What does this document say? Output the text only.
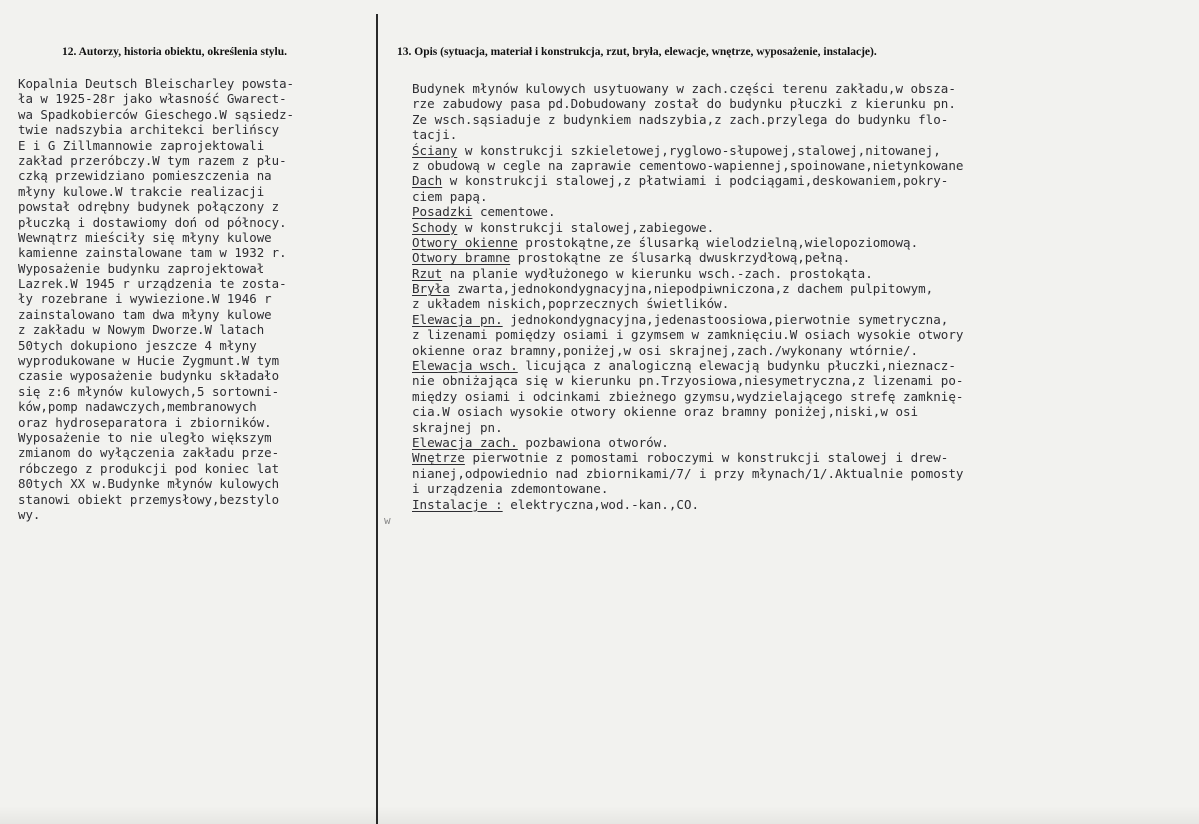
12. Autorzy, historia obiektu, określenia stylu.	13. Opis (sytuacja, materiał i konstrukcja, rzut, bryła, elewacje, wnętrze, wyposażenie, instalacje).
Kopalnia Deutsch Bleischarley powsta-
ła w 1925-28r jako własność Gwarect-
wa Spadkobierców Gieschego.W sąsiedz-
twie nadszybia architekci berlińscy
E i G Zillmannowie zaprojektowali
zakład przeróbczy.W tym razem z płu-
czką przewidziano pomieszczenia na
młyny kulowe.W trakcie realizacji
powstał odrębny budynek połączony z
płuczką i dostawiomy doń od północy.
Wewnątrz mieściły się młyny kulowe
kamienne zainstalowane tam w 1932 r.
Wyposażenie budynku zaprojektował
Lazrek.W 1945 r urządzenia te zosta-
ły rozebrane i wywiezione.W 1946 r
zainstalowano tam dwa młyny kulowe
z zakładu w Nowym Dworze.W latach
50tych dokupiono jeszcze 4 młyny
wyprodukowane w Hucie Zygmunt.W tym
czasie wyposażenie budynku składało
się z:6 młynów kulowych,5 sortowni-
ków,pomp nadawczych,membranowych
oraz hydroseparatora i zbiorników.
Wyposażenie to nie uległo większym
zmianom do wyłączenia zakładu prze-
róbczego z produkcji pod koniec lat
80tych XX w.Budynke młynów kulowych
stanowi obiekt przemysłowy,bezstylo
wy.
Budynek młynów kulowych usytuowany w zach.części terenu zakładu,w obsza-
rze zabudowy pasa pd.Dobudowany został do budynku płuczki z kierunku pn.
Ze wsch.sąsiaduje z budynkiem nadszybia,z zach.przylega do budynku flo-
tacji.
Ściany w konstrukcji szkieletowej,ryglowo-słupowej,stalowej,nitowanej,
z obudową w cegle na zaprawie cementowo-wapiennej,spoinowane,nietynkowane
Dach w konstrukcji stalowej,z płatwiami i podciągami,deskowaniem,pokry-
ciem papą.
Posadzki cementowe.
Schody w konstrukcji stalowej,zabiegowe.
Otwory okienne prostokątne,ze ślusarką wielodzielną,wielopoziomową.
Otwory bramne prostokątne ze ślusarką dwuskrzydłową,pełną.
Rzut na planie wydłużonego w kierunku wsch.-zach. prostokąta.
Bryła zwarta,jednokondygnacyjna,niepodpiwniczona,z dachem pulpitowym,
z układem niskich,poprzecznych świetlików.
Elewacja pn. jednokondygnacyjna,jedenastoosiowa,pierwotnie symetryczna,
z lizenami pomiędzy osiami i gzymsem w zamknięciu.W osiach wysokie otwory
okienne oraz bramny,poniżej,w osi skrajnej,zach./wykonany wtórnie/.
Elewacja wsch. licująca z analogiczną elewacją budynku płuczki,nieznacz-
nie obniżająca się w kierunku pn.Trzyosiowa,niesymetryczna,z lizenami po-
między osiami i odcinkami zbieżnego gzymsu,wydzielającego strefę zamknię-
cia.W osiach wysokie otwory okienne oraz bramny poniżej,niski,w osi
skrajnej pn.
Elewacja zach. pozbawiona otworów.
Wnętrze pierwotnie z pomostami roboczymi w konstrukcji stalowej i drew-
nianej,odpowiednio nad zbiornikami/7/ i przy młynach/1/.Aktualnie pomosty
i urządzenia zdemontowane.
Instalacje : elektryczna,wod.-kan.,CO.
w
